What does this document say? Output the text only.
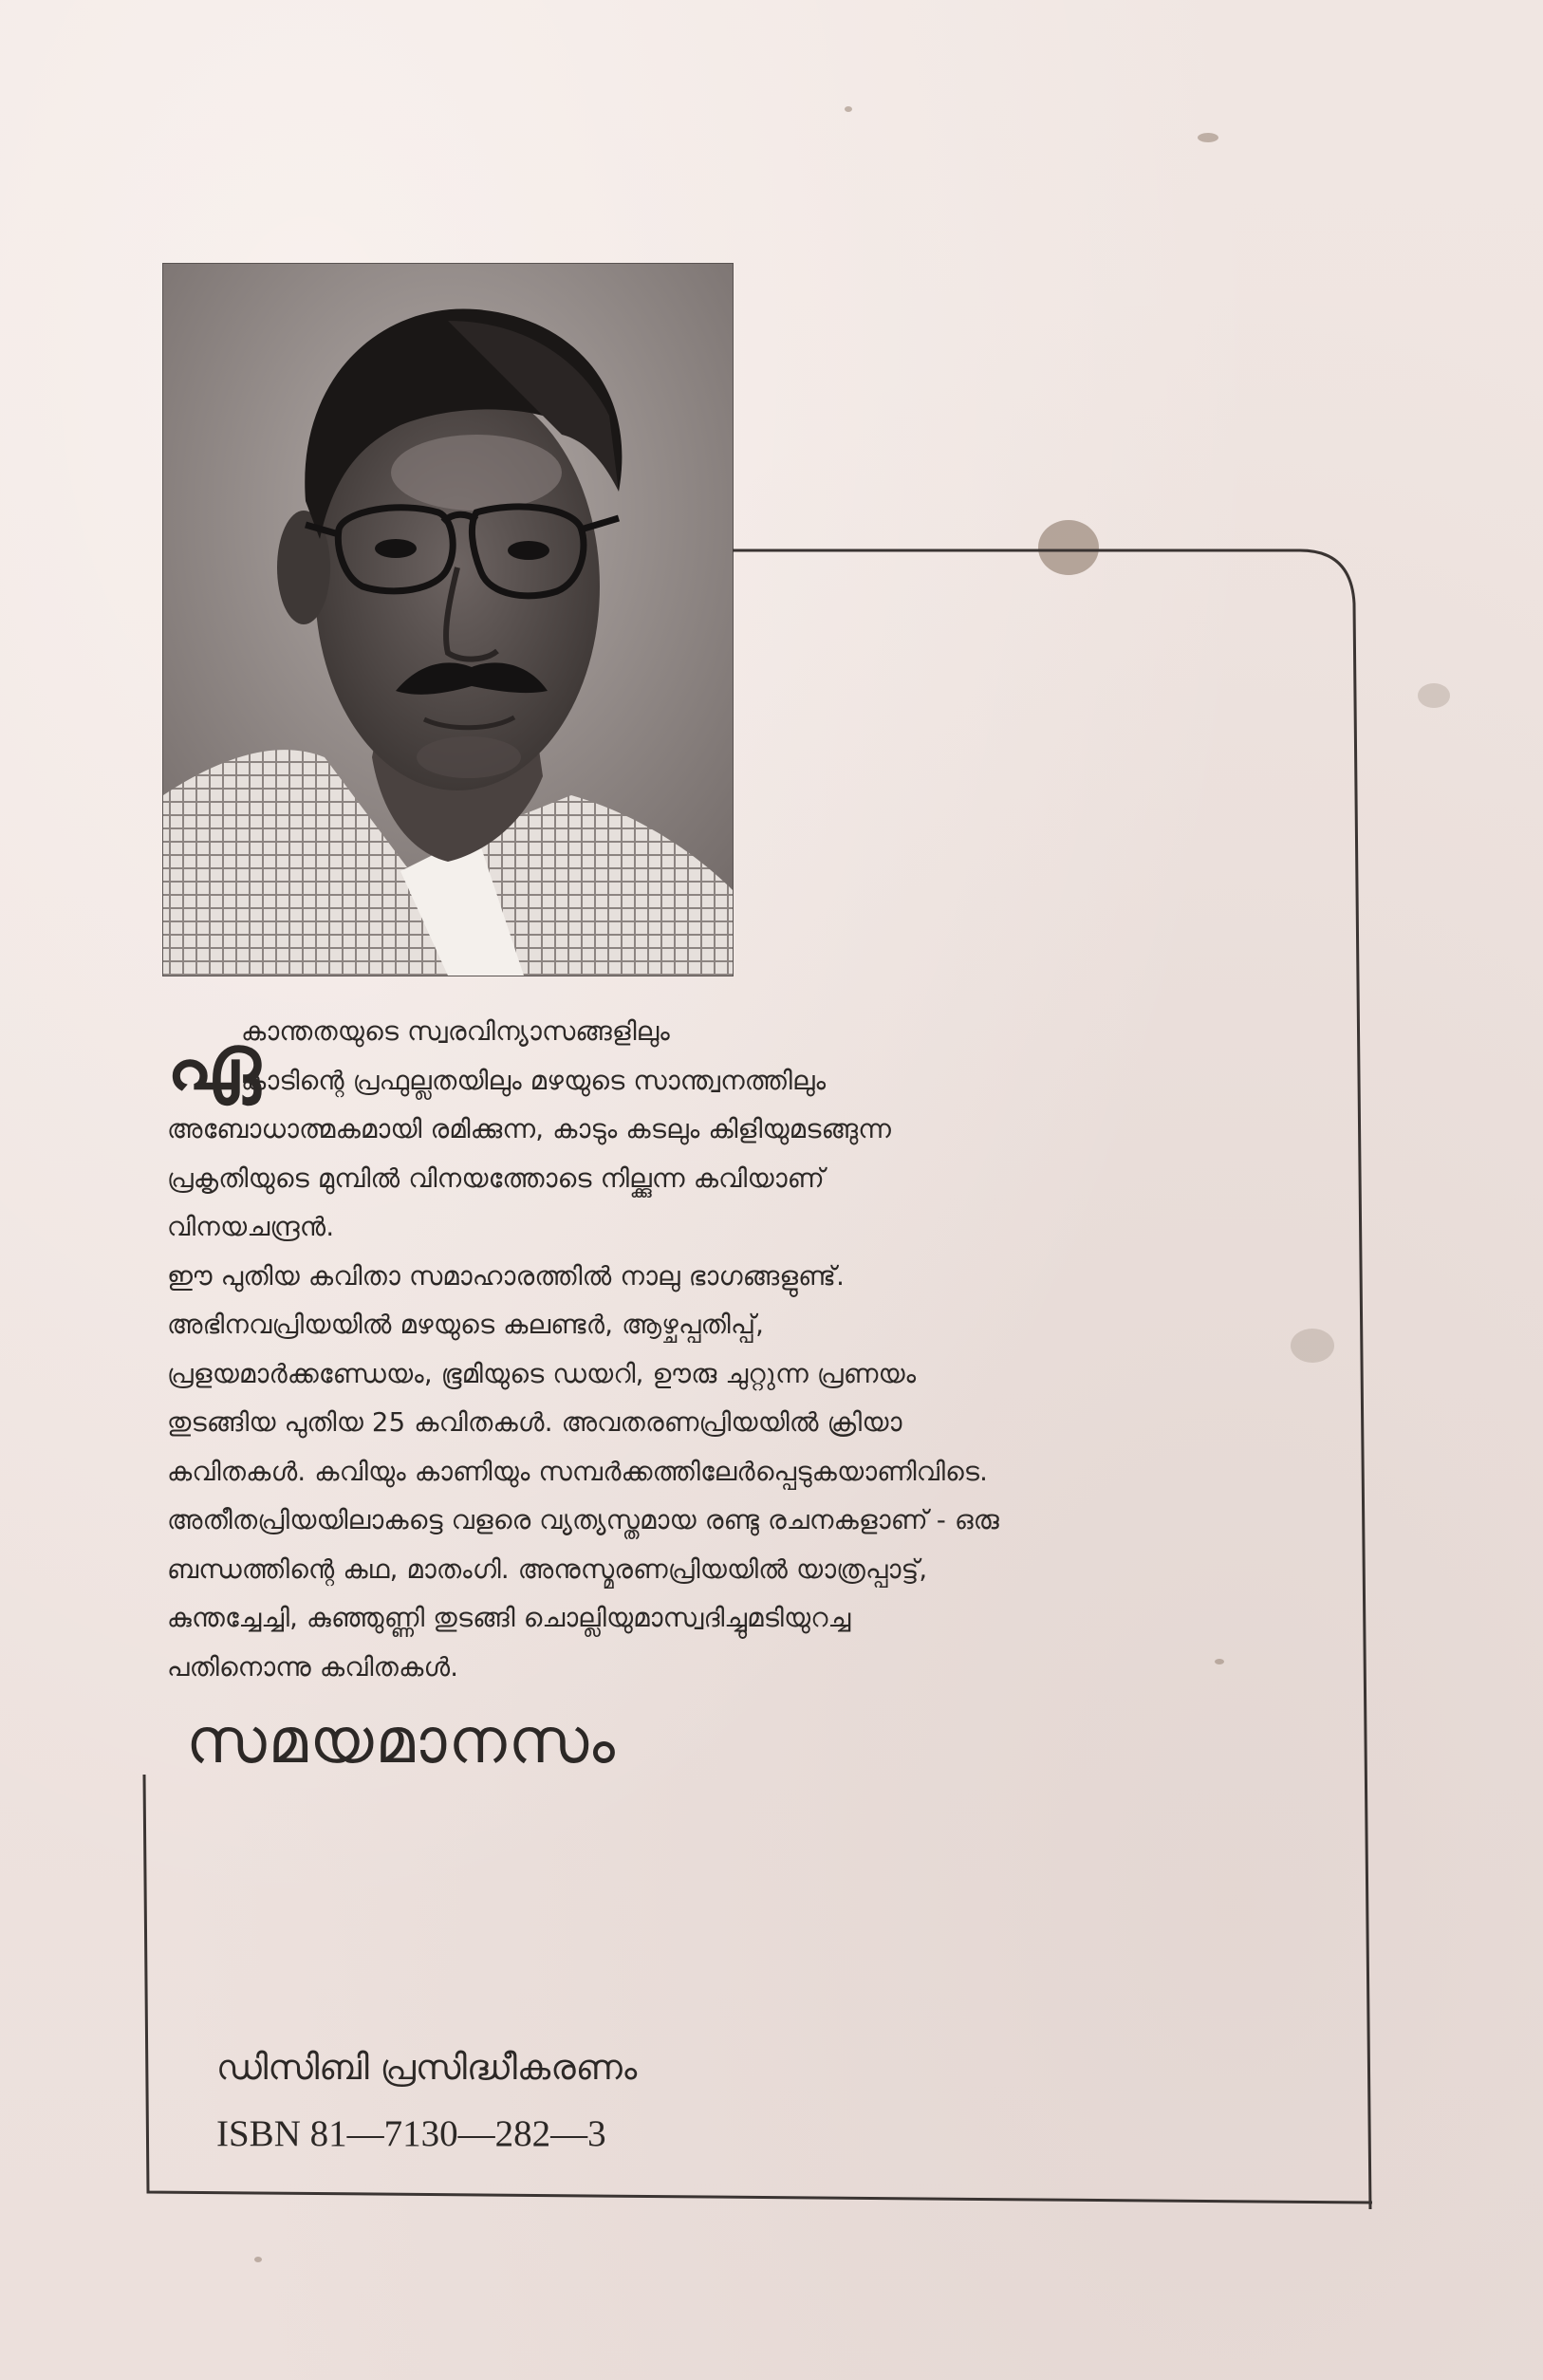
ഏ
കാന്തതയുടെ സ്വരവിന്യാസങ്ങളിലും
കാടിന്റെ പ്രഫുല്ലതയിലും മഴയുടെ സാന്ത്വനത്തിലും
അബോധാത്മകമായി രമിക്കുന്ന, കാടും കടലും കിളിയുമടങ്ങുന്ന
പ്രകൃതിയുടെ മുമ്പിൽ വിനയത്തോടെ നില്ക്കുന്ന കവിയാണ്
വിനയചന്ദ്രൻ.
ഈ പുതിയ കവിതാ സമാഹാരത്തിൽ നാലു ഭാഗങ്ങളുണ്ട്.
അഭിനവപ്രിയയിൽ മഴയുടെ കലണ്ടർ, ആഴ്ചപ്പതിപ്പ്,
പ്രളയമാർക്കണ്ഡേയം, ഭൂമിയുടെ ഡയറി, ഊരു ചുറ്റുന്ന പ്രണയം
തുടങ്ങിയ പുതിയ 25 കവിതകൾ. അവതരണപ്രിയയിൽ ക്രിയാ
കവിതകൾ. കവിയും കാണിയും സമ്പർക്കത്തിലേർപ്പെടുകയാണിവിടെ.
അതീതപ്രിയയിലാകട്ടെ വളരെ വ്യത്യസ്തമായ രണ്ടു രചനകളാണ് - ഒരു
ബന്ധത്തിന്റെ കഥ, മാതംഗി. അനുസ്മരണപ്രിയയിൽ യാത്രപ്പാട്ട്,
കുന്തച്ചേച്ചി, കുഞ്ഞുണ്ണി തുടങ്ങി ചൊല്ലിയുമാസ്വദിച്ചുമടിയുറച്ച
പതിനൊന്നു കവിതകൾ.
സമയമാനസം
ഡിസിബി പ്രസിദ്ധീകരണം
ISBN 81—7130—282—3
